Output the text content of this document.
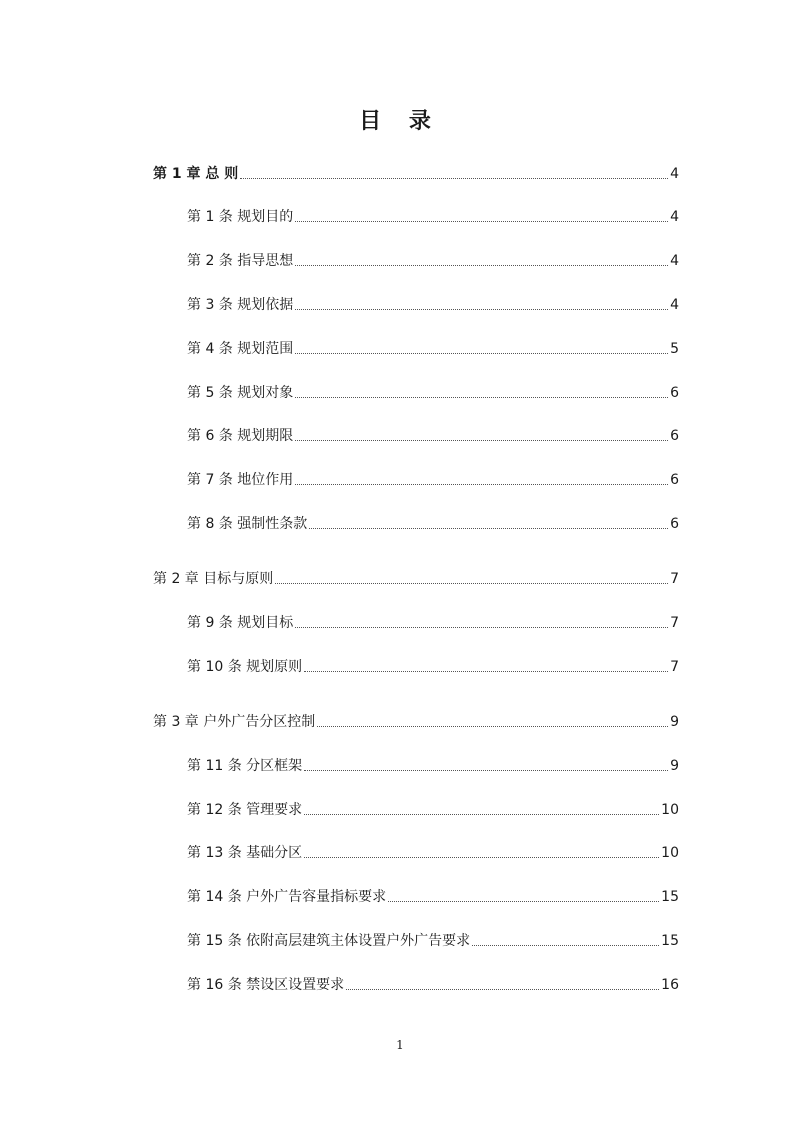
目 录
第 1 章 总 则	4
第 1 条 规划目的	4
第 2 条 指导思想	4
第 3 条 规划依据	4
第 4 条 规划范围	5
第 5 条 规划对象	6
第 6 条 规划期限	6
第 7 条 地位作用	6
第 8 条 强制性条款	6
第 2 章 目标与原则	7
第 9 条 规划目标	7
第 10 条 规划原则	7
第 3 章 户外广告分区控制	9
第 11 条 分区框架	9
第 12 条 管理要求	10
第 13 条 基础分区	10
第 14 条 户外广告容量指标要求	15
第 15 条 依附高层建筑主体设置户外广告要求	15
第 16 条 禁设区设置要求	16
1
